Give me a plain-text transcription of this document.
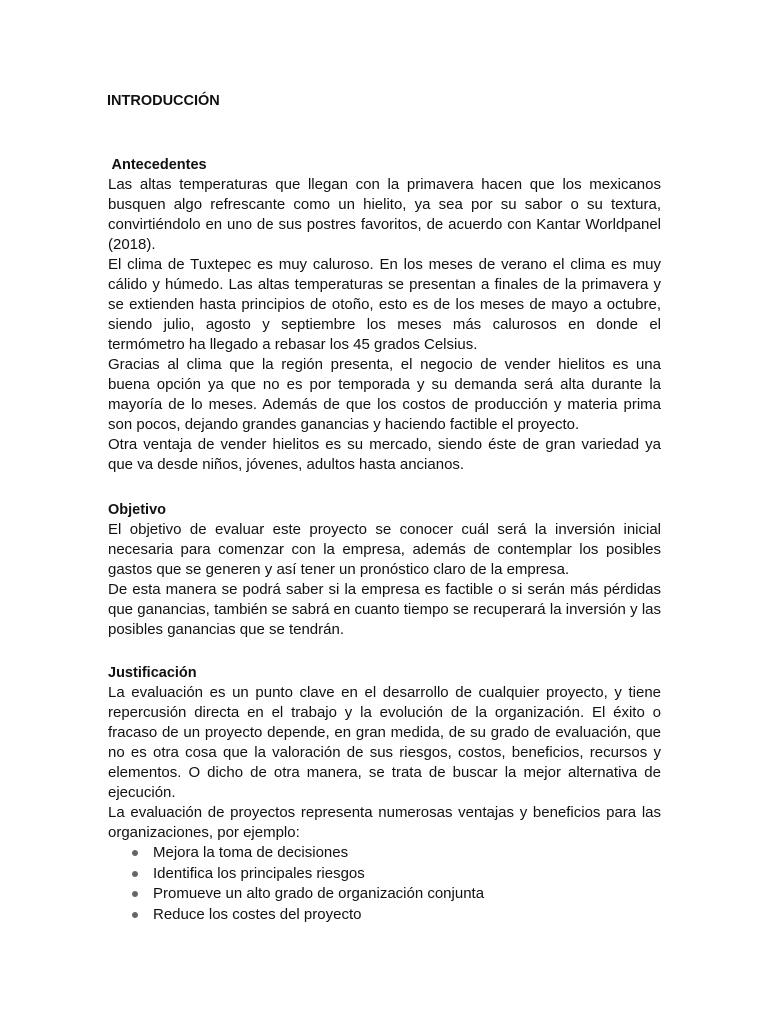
INTRODUCCIÓN
Antecedentes

Las altas temperaturas que llegan con la primavera hacen que los mexicanos busquen algo refrescante como un hielito, ya sea por su sabor o su textura, convirtiéndolo en uno de sus postres favoritos, de acuerdo con Kantar Worldpanel (2018).

El clima de Tuxtepec es muy caluroso. En los meses de verano el clima es muy cálido y húmedo. Las altas temperaturas se presentan a finales de la primavera y se extienden hasta principios de otoño, esto es de los meses de mayo a octubre, siendo julio, agosto y septiembre los meses más calurosos en donde el termómetro ha llegado a rebasar los 45 grados Celsius.

Gracias al clima que la región presenta, el negocio de vender hielitos es una buena opción ya que no es por temporada y su demanda será alta durante la mayoría de lo meses. Además de que los costos de producción y materia prima son pocos, dejando grandes ganancias y haciendo factible el proyecto.

Otra ventaja de vender hielitos es su mercado, siendo éste de gran variedad ya que va desde niños, jóvenes, adultos hasta ancianos.

Objetivo

El objetivo de evaluar este proyecto se conocer cuál será la inversión inicial necesaria para comenzar con la empresa, además de contemplar los posibles gastos que se generen y así tener un pronóstico claro de la empresa.

De esta manera se podrá saber si la empresa es factible o si serán más pérdidas que ganancias, también se sabrá en cuanto tiempo se recuperará la inversión y las posibles ganancias que se tendrán.

Justificación

La evaluación es un punto clave en el desarrollo de cualquier proyecto, y tiene repercusión directa en el trabajo y la evolución de la organización. El éxito o fracaso de un proyecto depende, en gran medida, de su grado de evaluación, que no es otra cosa que la valoración de sus riesgos, costos, beneficios, recursos y elementos. O dicho de otra manera, se trata de buscar la mejor alternativa de ejecución.

La evaluación de proyectos representa numerosas ventajas y beneficios para las organizaciones, por ejemplo:

Mejora la toma de decisiones
Identifica los principales riesgos
Promueve un alto grado de organización conjunta
Reduce los costes del proyecto
